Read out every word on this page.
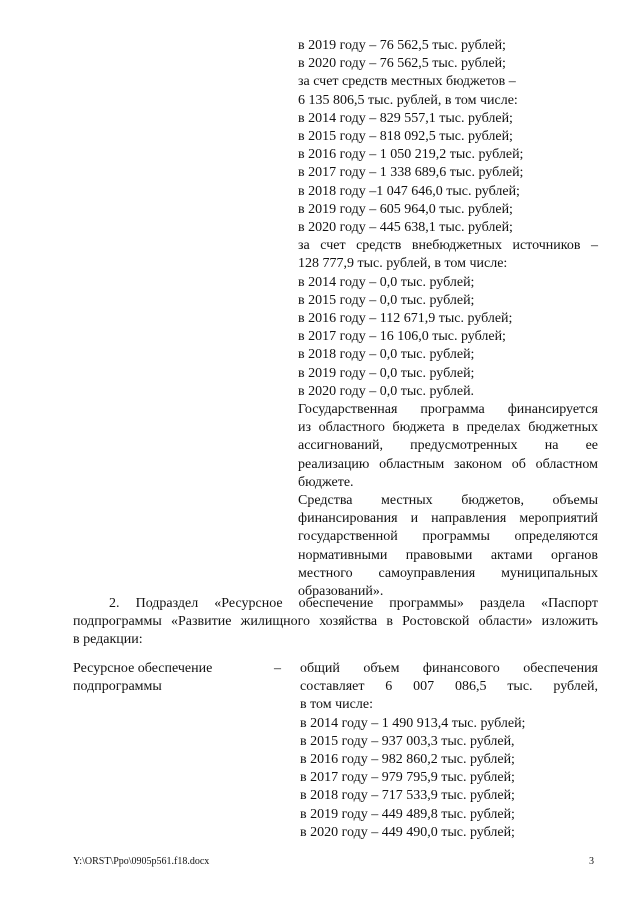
в 2019 году – 76 562,5 тыс. рублей;
в 2020 году – 76 562,5 тыс. рублей;
за счет средств местных бюджетов –
6 135 806,5 тыс. рублей, в том числе:
в 2014 году – 829 557,1 тыс. рублей;
в 2015 году – 818 092,5 тыс. рублей;
в 2016 году – 1 050 219,2 тыс. рублей;
в 2017 году – 1 338 689,6 тыс. рублей;
в 2018 году –1 047 646,0 тыс. рублей;
в 2019 году – 605 964,0 тыс. рублей;
в 2020 году – 445 638,1 тыс. рублей;
за счет средств внебюджетных источников –
128 777,9 тыс. рублей, в том числе:
в 2014 году – 0,0 тыс. рублей;
в 2015 году – 0,0 тыс. рублей;
в 2016 году – 112 671,9 тыс. рублей;
в 2017 году – 16 106,0 тыс. рублей;
в 2018 году – 0,0 тыс. рублей;
в 2019 году – 0,0 тыс. рублей;
в 2020 году – 0,0 тыс. рублей.
Государственная программа финансируется
из областного бюджета в пределах бюджетных
ассигнований, предусмотренных на ее
реализацию областным законом об областном
бюджете.
Средства местных бюджетов, объемы
финансирования и направления мероприятий
государственной программы определяются
нормативными правовыми актами органов
местного самоуправления муниципальных
образований».
2. Подраздел «Ресурсное обеспечение программы» раздела «Паспорт
подпрограммы «Развитие жилищного хозяйства в Ростовской области» изложить
в редакции:
Ресурсное обеспечение
подпрограммы
– общий объем финансового обеспечения
составляет 6 007 086,5 тыс. рублей,
в том числе:
в 2014 году – 1 490 913,4 тыс. рублей;
в 2015 году – 937 003,3 тыс. рублей,
в 2016 году – 982 860,2 тыс. рублей;
в 2017 году – 979 795,9 тыс. рублей;
в 2018 году – 717 533,9 тыс. рублей;
в 2019 году – 449 489,8 тыс. рублей;
в 2020 году – 449 490,0 тыс. рублей;
Y:\ORST\Ppo\0905p561.f18.docx	3
